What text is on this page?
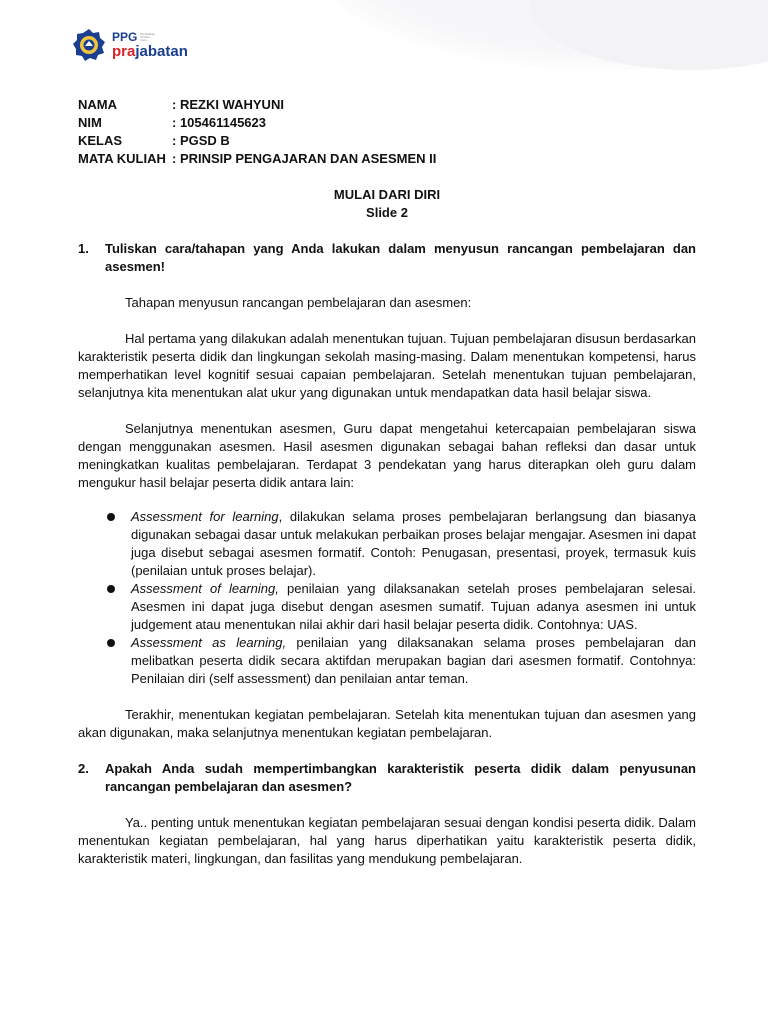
PPG Pendidikan Profesi Guru
prajabatan
NAMA	: REZKI WAHYUNI
NIM	: 105461145623
KELAS	: PGSD B
MATA KULIAH : PRINSIP PENGAJARAN DAN ASESMEN II
MULAI DARI DIRI
Slide 2
1.	Tuliskan cara/tahapan yang Anda lakukan dalam menyusun rancangan pembelajaran dan asesmen!

Tahapan menyusun rancangan pembelajaran dan asesmen:

Hal pertama yang dilakukan adalah menentukan tujuan. Tujuan pembelajaran disusun berdasarkan karakteristik peserta didik dan lingkungan sekolah masing-masing. Dalam menentukan kompetensi, harus memperhatikan level kognitif sesuai capaian pembelajaran. Setelah menentukan tujuan pembelajaran, selanjutnya kita menentukan alat ukur yang digunakan untuk mendapatkan data hasil belajar siswa.

Selanjutnya menentukan asesmen, Guru dapat mengetahui ketercapaian pembelajaran siswa dengan menggunakan asesmen. Hasil asesmen digunakan sebagai bahan refleksi dan dasar untuk meningkatkan kualitas pembelajaran. Terdapat 3 pendekatan yang harus diterapkan oleh guru dalam mengukur hasil belajar peserta didik antara lain:

Assessment for learning, dilakukan selama proses pembelajaran berlangsung dan biasanya digunakan sebagai dasar untuk melakukan perbaikan proses belajar mengajar. Asesmen ini dapat juga disebut sebagai asesmen formatif. Contoh: Penugasan, presentasi, proyek, termasuk kuis (penilaian untuk proses belajar).
Assessment of learning, penilaian yang dilaksanakan setelah proses pembelajaran selesai. Asesmen ini dapat juga disebut dengan asesmen sumatif. Tujuan adanya asesmen ini untuk judgement atau menentukan nilai akhir dari hasil belajar peserta didik. Contohnya: UAS.
Assessment as learning, penilaian yang dilaksanakan selama proses pembelajaran dan melibatkan peserta didik secara aktifdan merupakan bagian dari asesmen formatif. Contohnya: Penilaian diri (self assessment) dan penilaian antar teman.

Terakhir, menentukan kegiatan pembelajaran. Setelah kita menentukan tujuan dan asesmen yang akan digunakan, maka selanjutnya menentukan kegiatan pembelajaran.

2.	Apakah Anda sudah mempertimbangkan karakteristik peserta didik dalam penyusunan rancangan pembelajaran dan asesmen?

Ya.. penting untuk menentukan kegiatan pembelajaran sesuai dengan kondisi peserta didik. Dalam menentukan kegiatan pembelajaran, hal yang harus diperhatikan yaitu karakteristik peserta didik, karakteristik materi, lingkungan, dan fasilitas yang mendukung pembelajaran.
